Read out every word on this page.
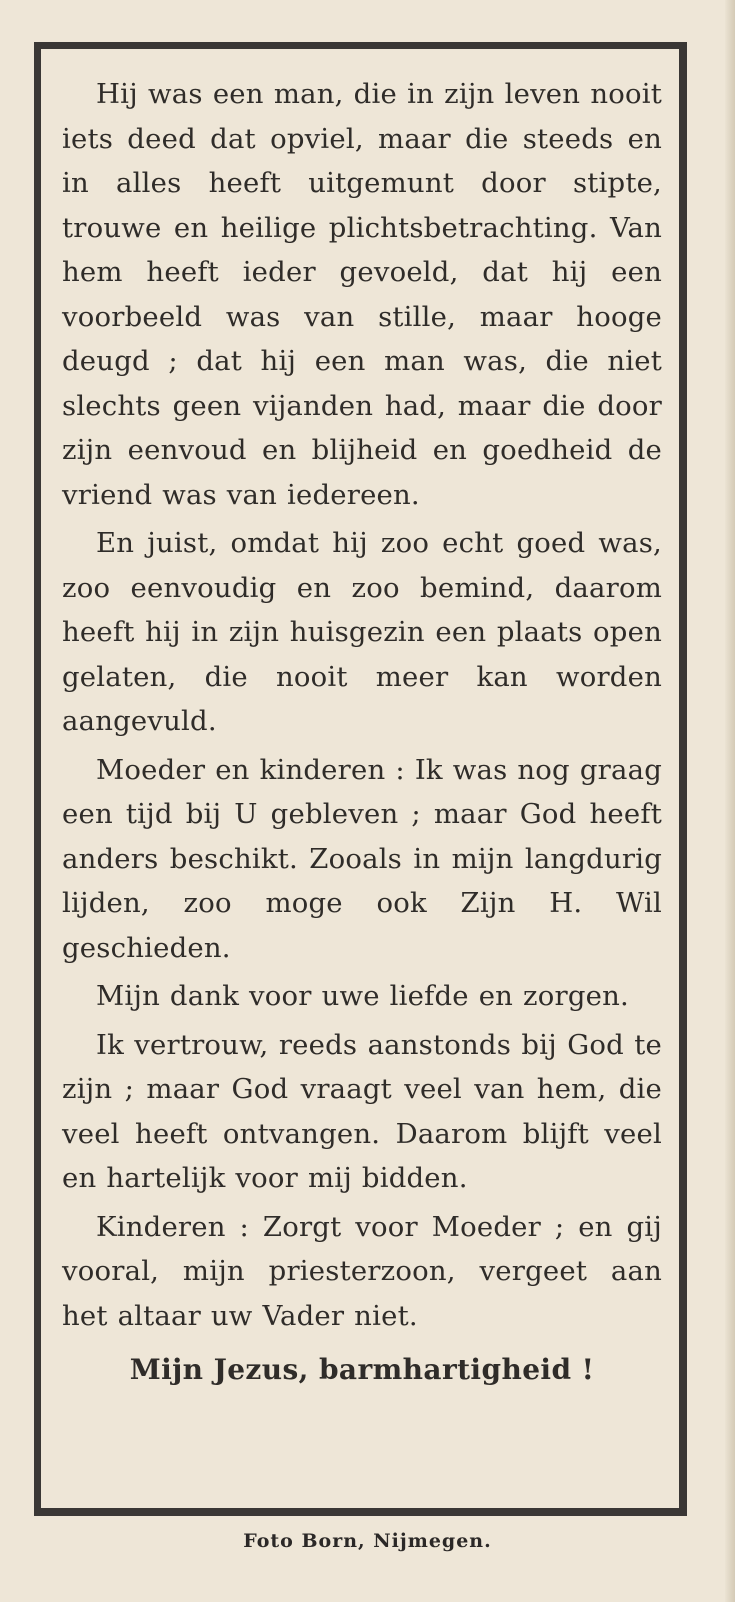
Hij was een man, die in zijn leven nooit iets deed dat opviel, maar die steeds en in alles heeft uitgemunt door stipte, trouwe en heilige plichtsbetrachting. Van hem heeft ieder gevoeld, dat hij een voorbeeld was van stille, maar hooge deugd ; dat hij een man was, die niet slechts geen vijanden had, maar die door zijn eenvoud en blijheid en goedheid de vriend was van iedereen.

En juist, omdat hij zoo echt goed was, zoo eenvoudig en zoo bemind, daarom heeft hij in zijn huisgezin een plaats open gelaten, die nooit meer kan worden aangevuld.

Moeder en kinderen : Ik was nog graag een tijd bij U gebleven ; maar God heeft anders beschikt. Zooals in mijn langdurig lijden, zoo moge ook Zijn H. Wil geschieden.

Mijn dank voor uwe liefde en zorgen.

Ik vertrouw, reeds aanstonds bij God te zijn ; maar God vraagt veel van hem, die veel heeft ontvangen. Daarom blijft veel en hartelijk voor mij bidden.

Kinderen : Zorgt voor Moeder ; en gij vooral, mijn priesterzoon, vergeet aan het altaar uw Vader niet.

Mijn Jezus, barmhartigheid !

Foto Born, Nijmegen.
